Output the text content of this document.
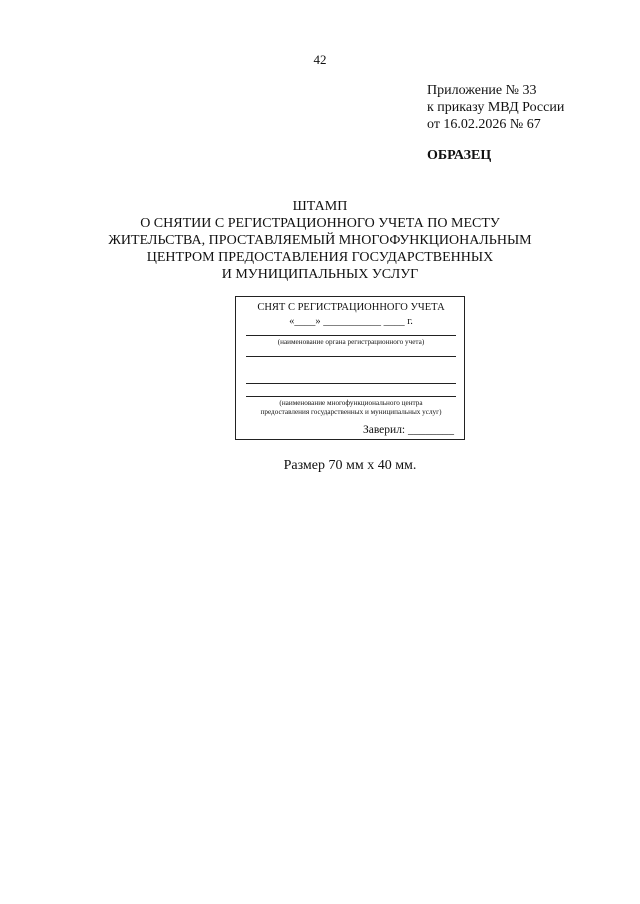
42
Приложение № 33
к приказу МВД России
от 16.02.2026 № 67
ОБРАЗЕЦ
ШТАМП
О СНЯТИИ С РЕГИСТРАЦИОННОГО УЧЕТА ПО МЕСТУ
ЖИТЕЛЬСТВА, ПРОСТАВЛЯЕМЫЙ МНОГОФУНКЦИОНАЛЬНЫМ
ЦЕНТРОМ ПРЕДОСТАВЛЕНИЯ ГОСУДАРСТВЕННЫХ
И МУНИЦИПАЛЬНЫХ УСЛУГ
СНЯТ С РЕГИСТРАЦИОННОГО УЧЕТА
«____» ___________ ____ г.
(наименование органа регистрационного учета)
(наименование многофункционального центра
предоставления государственных и муниципальных услуг)
Заверил: ________
Размер 70 мм х 40 мм.
